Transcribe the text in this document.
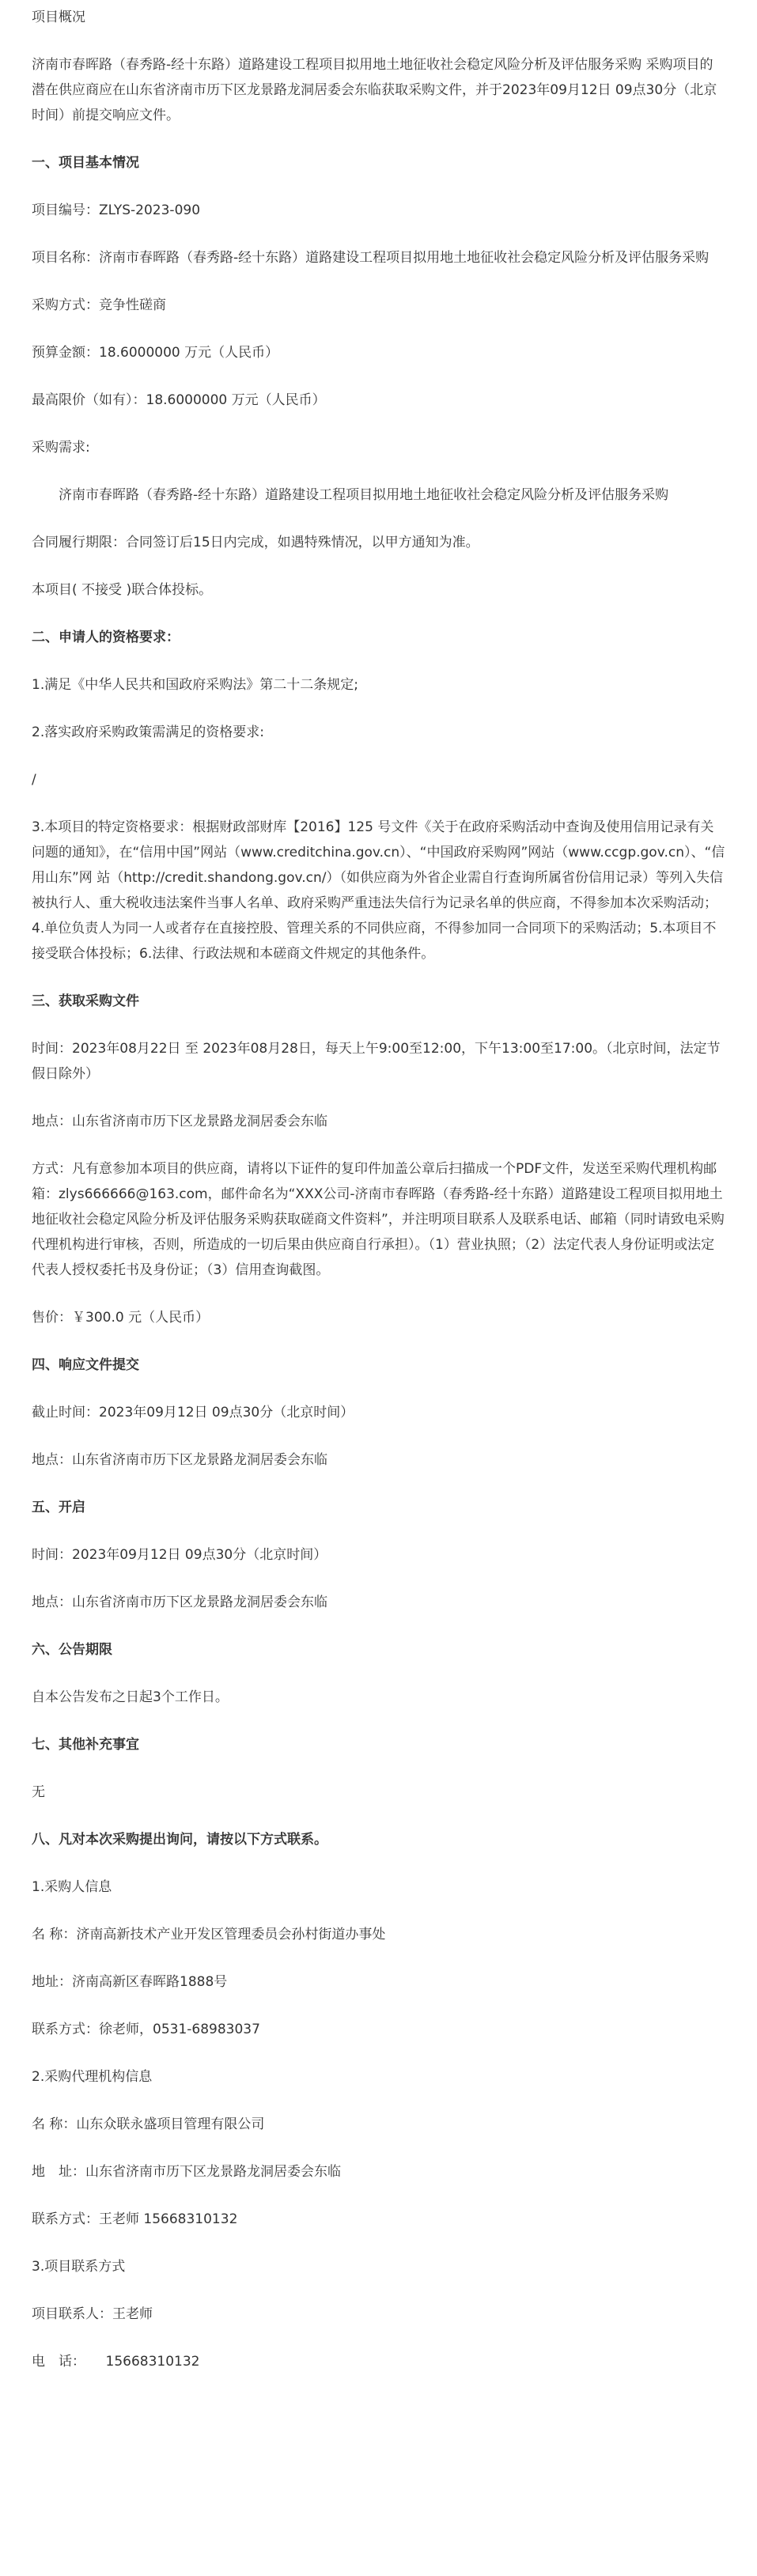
项目概况

济南市春晖路（春秀路-经十东路）道路建设工程项目拟用地土地征收社会稳定风险分析及评估服务采购 采购项目的潜在供应商应在山东省济南市历下区龙景路龙洞居委会东临获取采购文件，并于2023年09月12日 09点30分（北京时间）前提交响应文件。

一、项目基本情况

项目编号：ZLYS-2023-090

项目名称：济南市春晖路（春秀路-经十东路）道路建设工程项目拟用地土地征收社会稳定风险分析及评估服务采购

采购方式：竞争性磋商

预算金额：18.6000000 万元（人民币）

最高限价（如有）：18.6000000 万元（人民币）

采购需求:

济南市春晖路（春秀路-经十东路）道路建设工程项目拟用地土地征收社会稳定风险分析及评估服务采购

合同履行期限：合同签订后15日内完成，如遇特殊情况，以甲方通知为准。

本项目( 不接受 )联合体投标。

二、申请人的资格要求：

1.满足《中华人民共和国政府采购法》第二十二条规定;

2.落实政府采购政策需满足的资格要求:

/

3.本项目的特定资格要求：根据财政部财库【2016】125 号文件《关于在政府采购活动中查询及使用信用记录有关问题的通知》，在“信用中国”网站（www.creditchina.gov.cn）、“中国政府采购网”网站（www.ccgp.gov.cn）、“信用山东”网 站（http://credit.shandong.gov.cn/）（如供应商为外省企业需自行查询所属省份信用记录）等列入失信被执行人、重大税收违法案件当事人名单、政府采购严重违法失信行为记录名单的供应商，不得参加本次采购活动；4.单位负责人为同一人或者存在直接控股、管理关系的不同供应商，不得参加同一合同项下的采购活动；5.本项目不接受联合体投标；6.法律、行政法规和本磋商文件规定的其他条件。

三、获取采购文件

时间：2023年08月22日 至 2023年08月28日，每天上午9:00至12:00，下午13:00至17:00。（北京时间，法定节假日除外）

地点：山东省济南市历下区龙景路龙洞居委会东临

方式：凡有意参加本项目的供应商，请将以下证件的复印件加盖公章后扫描成一个PDF文件，发送至采购代理机构邮箱：zlys666666@163.com，邮件命名为“XXX公司-济南市春晖路（春秀路-经十东路）道路建设工程项目拟用地土地征收社会稳定风险分析及评估服务采购获取磋商文件资料”，并注明项目联系人及联系电话、邮箱（同时请致电采购代理机构进行审核，否则，所造成的一切后果由供应商自行承担）。（1）营业执照；（2）法定代表人身份证明或法定代表人授权委托书及身份证；（3）信用查询截图。

售价：￥300.0 元（人民币）

四、响应文件提交

截止时间：2023年09月12日 09点30分（北京时间）

地点：山东省济南市历下区龙景路龙洞居委会东临

五、开启

时间：2023年09月12日 09点30分（北京时间）

地点：山东省济南市历下区龙景路龙洞居委会东临

六、公告期限

自本公告发布之日起3个工作日。

七、其他补充事宜

无

八、凡对本次采购提出询问，请按以下方式联系。

1.采购人信息

名 称：济南高新技术产业开发区管理委员会孙村街道办事处

地址：济南高新区春晖路1888号

联系方式：徐老师，0531-68983037

2.采购代理机构信息

名 称：山东众联永盛项目管理有限公司

地　址：山东省济南市历下区龙景路龙洞居委会东临

联系方式：王老师 15668310132

3.项目联系方式

项目联系人：王老师

电　话：　　15668310132
